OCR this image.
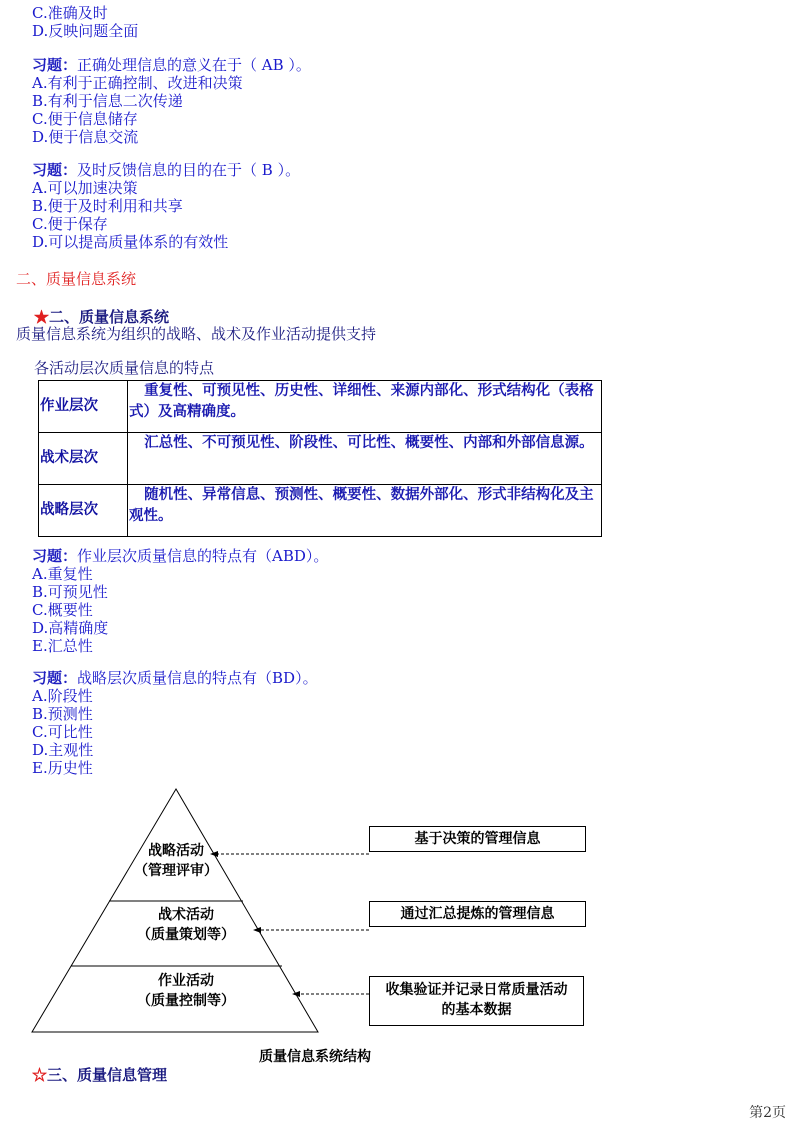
C.准确及时
D.反映问题全面
习题：正确处理信息的意义在于（ AB ）。
A.有利于正确控制、改进和决策
B.有利于信息二次传递
C.便于信息储存
D.便于信息交流
习题：及时反馈信息的目的在于（ B ）。
A.可以加速决策
B.便于及时利用和共享
C.便于保存
D.可以提高质量体系的有效性
二、质量信息系统
★二、质量信息系统
质量信息系统为组织的战略、战术及作业活动提供支持
各活动层次质量信息的特点
作业层次	重复性、可预见性、历史性、详细性、来源内部化、形式结构化（表格式）及高精确度。
战术层次	汇总性、不可预见性、阶段性、可比性、概要性、内部和外部信息源。
战略层次	随机性、异常信息、预测性、概要性、数据外部化、形式非结构化及主观性。
习题：作业层次质量信息的特点有（ABD）。
A.重复性
B.可预见性
C.概要性
D.高精确度
E.汇总性
习题：战略层次质量信息的特点有（BD）。
A.阶段性
B.预测性
C.可比性
D.主观性
E.历史性
战略活动
（管理评审）
战术活动
（质量策划等）
作业活动
（质量控制等）
基于决策的管理信息
通过汇总提炼的管理信息
收集验证并记录日常质量活动
的基本数据
质量信息系统结构
☆三、质量信息管理
第2页
